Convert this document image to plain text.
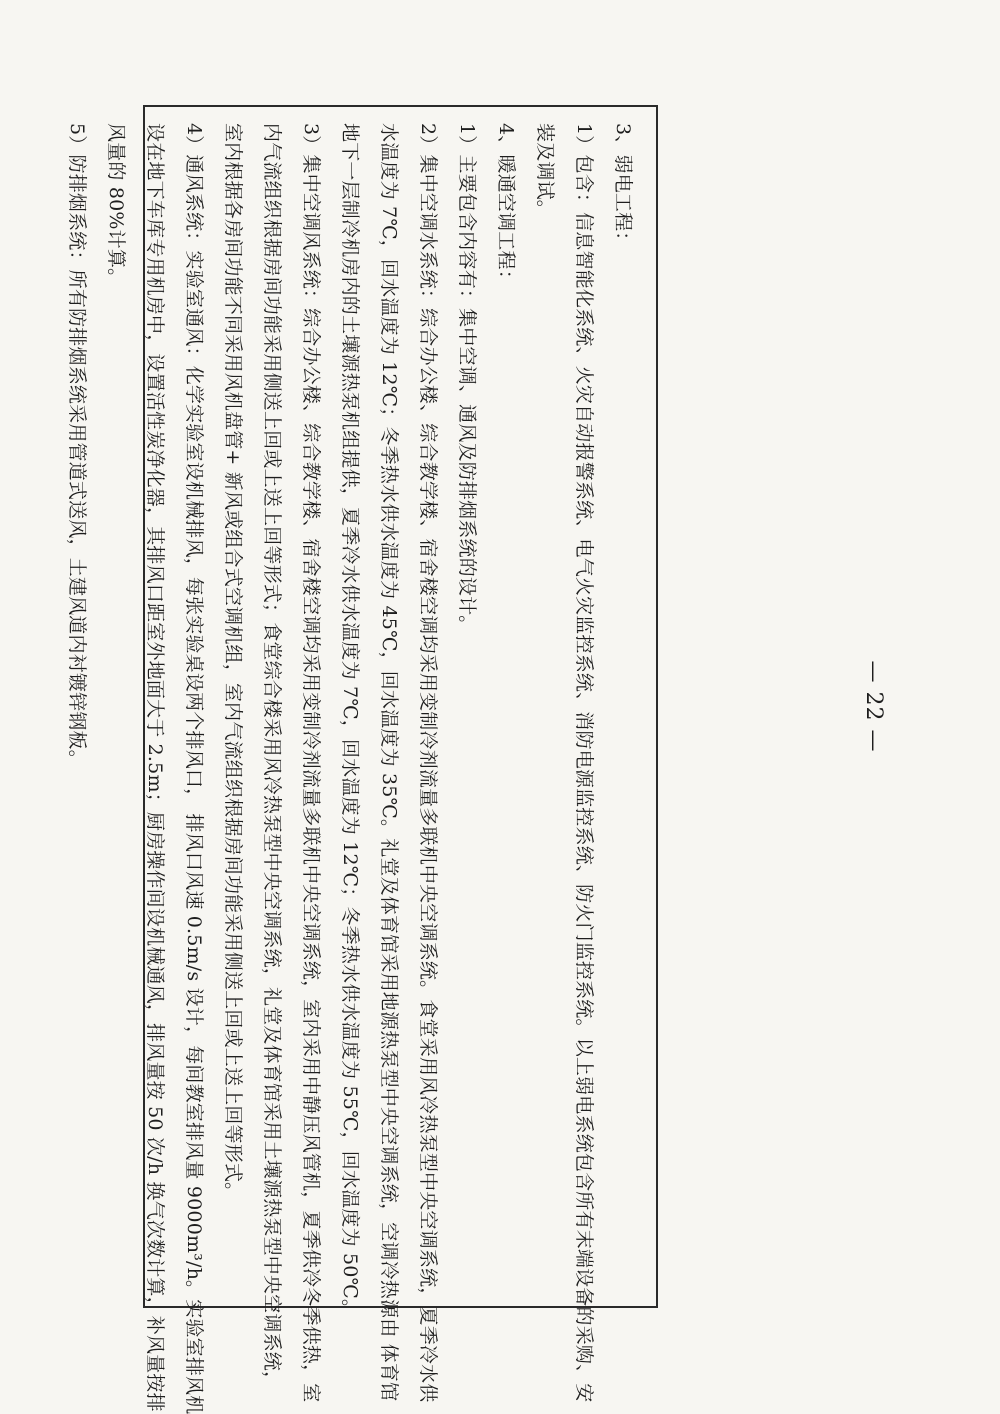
3、弱电工程：
1）包含：信息智能化系统、火灾自动报警系统、电气火灾监控系统、消防电源监控系统、防火门监控系统。以上弱电系统包含所有末端设备的采购、安
装及调试。
4、暖通空调工程：
1）主要包含内容有：集中空调、通风及防排烟系统的设计。
2）集中空调水系统：综合办公楼、综合教学楼、宿舍楼空调均采用变制冷剂流量多联机中央空调系统。食堂采用风冷热泵型中央空调系统，夏季冷水供
水温度为 7℃，回水温度为 12℃；冬季热水供水温度为 45℃，回水温度为 35℃。礼堂及体育馆采用地源热泵型中央空调系统，空调冷热源由 体育馆
地下一层制冷机房内的土壤源热泵机组提供，夏季冷水供水温度为 7℃，回水温度为 12℃；冬季热水供水温度为 55℃，回水温度为 50℃。
3）集中空调风系统：综合办公楼、综合教学楼、宿舍楼空调均采用变制冷剂流量多联机中央空调系统，室内采用中静压风管机，夏季供冷冬季供热，室
内气流组织根据房间功能采用侧送上回或上送上回等形式；食堂综合楼采用风冷热泵型中央空调系统，礼堂及体育馆采用土壤源热泵型中央空调系统，
室内根据各房间功能不同采用风机盘管+ 新风或组合式空调机组，室内气流组织根据房间功能采用侧送上回或上送上回等形式。
4）通风系统：实验室通风：化学实验室设机械排风，每张实验桌设两个排风口， 排风口风速 0.5m/s 设计，每间教室排风量 9000m³/h。实验室排风机
设在地下车库专用机房中，设置活性炭净化器，其排风口距室外地面大于 2.5m；厨房操作间设机械通风，排风量按 50 次/h 换气次数计算，补风量按排
风量的 80%计算。
5）防排烟系统：所有防排烟系统采用管道式送风，土建风道内衬镀锌钢板。	— 22 —
